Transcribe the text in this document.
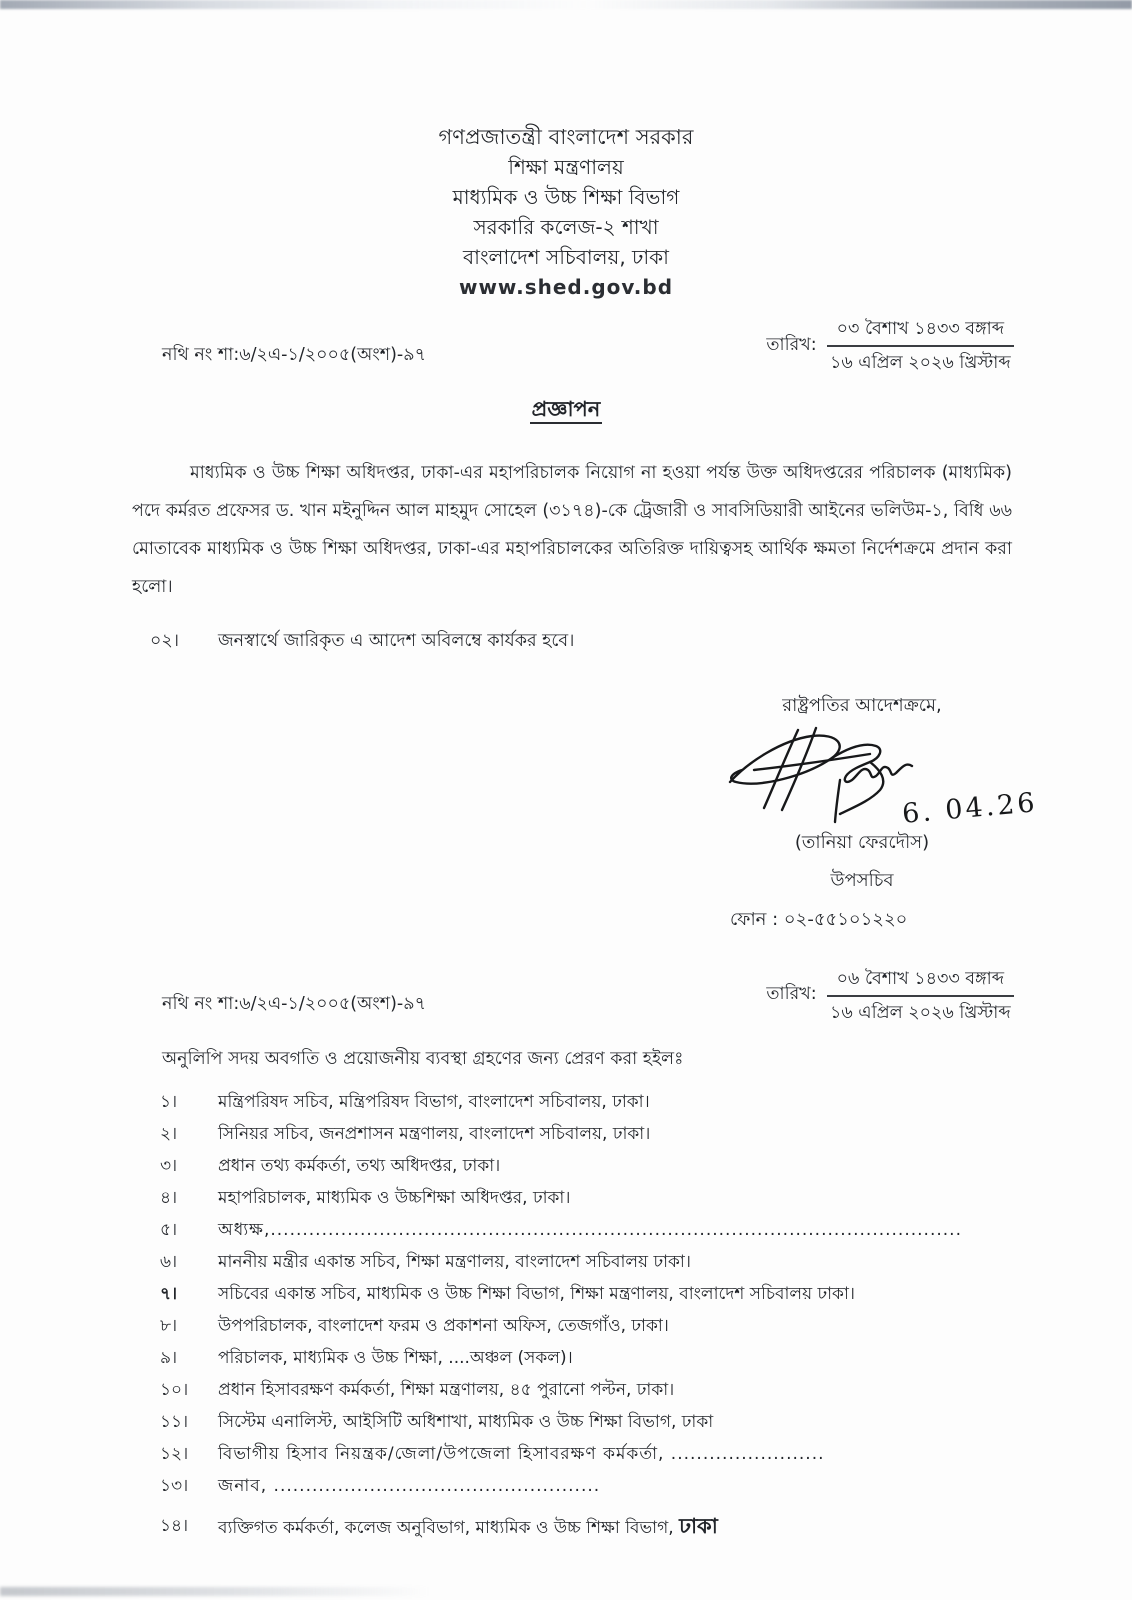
গণপ্রজাতন্ত্রী বাংলাদেশ সরকার
শিক্ষা মন্ত্রণালয়
মাধ্যমিক ও উচ্চ শিক্ষা বিভাগ
সরকারি কলেজ-২ শাখা
বাংলাদেশ সচিবালয়, ঢাকা
www.shed.gov.bd
নথি নং শা:৬/২এ-১/২০০৫(অংশ)-৯৭	তারিখ:
০৩ বৈশাখ ১৪৩৩ বঙ্গাব্দ
১৬ এপ্রিল ২০২৬ খ্রিস্টাব্দ
প্রজ্ঞাপন
মাধ্যমিক ও উচ্চ শিক্ষা অধিদপ্তর, ঢাকা-এর মহাপরিচালক নিয়োগ না হওয়া পর্যন্ত উক্ত অধিদপ্তরের পরিচালক (মাধ্যমিক) পদে কর্মরত প্রফেসর ড. খান মইনুদ্দিন আল মাহমুদ সোহেল (৩১৭৪)-কে ট্রেজারী ও সাবসিডিয়ারী আইনের ভলিউম-১, বিধি ৬৬ মোতাবেক মাধ্যমিক ও উচ্চ শিক্ষা অধিদপ্তর, ঢাকা-এর মহাপরিচালকের অতিরিক্ত দায়িত্বসহ আর্থিক ক্ষমতা নির্দেশক্রমে প্রদান করা হলো।
০২।	জনস্বার্থে জারিকৃত এ আদেশ অবিলম্বে কার্যকর হবে।
রাষ্ট্রপতির আদেশক্রমে,
6. 04.26
(তানিয়া ফেরদৌস)
উপসচিব
ফোন : ০২-৫৫১০১২২০
নথি নং শা:৬/২এ-১/২০০৫(অংশ)-৯৭	তারিখ:
০৬ বৈশাখ ১৪৩৩ বঙ্গাব্দ
১৬ এপ্রিল ২০২৬ খ্রিস্টাব্দ
অনুলিপি সদয় অবগতি ও প্রয়োজনীয় ব্যবস্থা গ্রহণের জন্য প্রেরণ করা হইলঃ
১।	মন্ত্রিপরিষদ সচিব, মন্ত্রিপরিষদ বিভাগ, বাংলাদেশ সচিবালয়, ঢাকা।
২।	সিনিয়র সচিব, জনপ্রশাসন মন্ত্রণালয়, বাংলাদেশ সচিবালয়, ঢাকা।
৩।	প্রধান তথ্য কর্মকর্তা, তথ্য অধিদপ্তর, ঢাকা।
৪।	মহাপরিচালক, মাধ্যমিক ও উচ্চশিক্ষা অধিদপ্তর, ঢাকা।
৫।	অধ্যক্ষ,............................................................................................................
৬।	মাননীয় মন্ত্রীর একান্ত সচিব, শিক্ষা মন্ত্রণালয়, বাংলাদেশ সচিবালয় ঢাকা।
৭।	সচিবের একান্ত সচিব, মাধ্যমিক ও উচ্চ শিক্ষা বিভাগ, শিক্ষা মন্ত্রণালয়, বাংলাদেশ সচিবালয় ঢাকা।
৮।	উপপরিচালক, বাংলাদেশ ফরম ও প্রকাশনা অফিস, তেজগাঁও, ঢাকা।
৯।	পরিচালক, মাধ্যমিক ও উচ্চ শিক্ষা, ....অঞ্চল (সকল)।
১০।	প্রধান হিসাবরক্ষণ কর্মকর্তা, শিক্ষা মন্ত্রণালয়, ৪৫ পুরানো পল্টন, ঢাকা।
১১।	সিস্টেম এনালিস্ট, আইসিটি অধিশাখা, মাধ্যমিক ও উচ্চ শিক্ষা বিভাগ, ঢাকা
১২।	বিভাগীয় হিসাব নিয়ন্ত্রক/জেলা/উপজেলা হিসাবরক্ষণ কর্মকর্তা, ........................
১৩।	জনাব, ...................................................
১৪।	ব্যক্তিগত কর্মকর্তা, কলেজ অনুবিভাগ, মাধ্যমিক ও উচ্চ শিক্ষা বিভাগ, ঢাকা
